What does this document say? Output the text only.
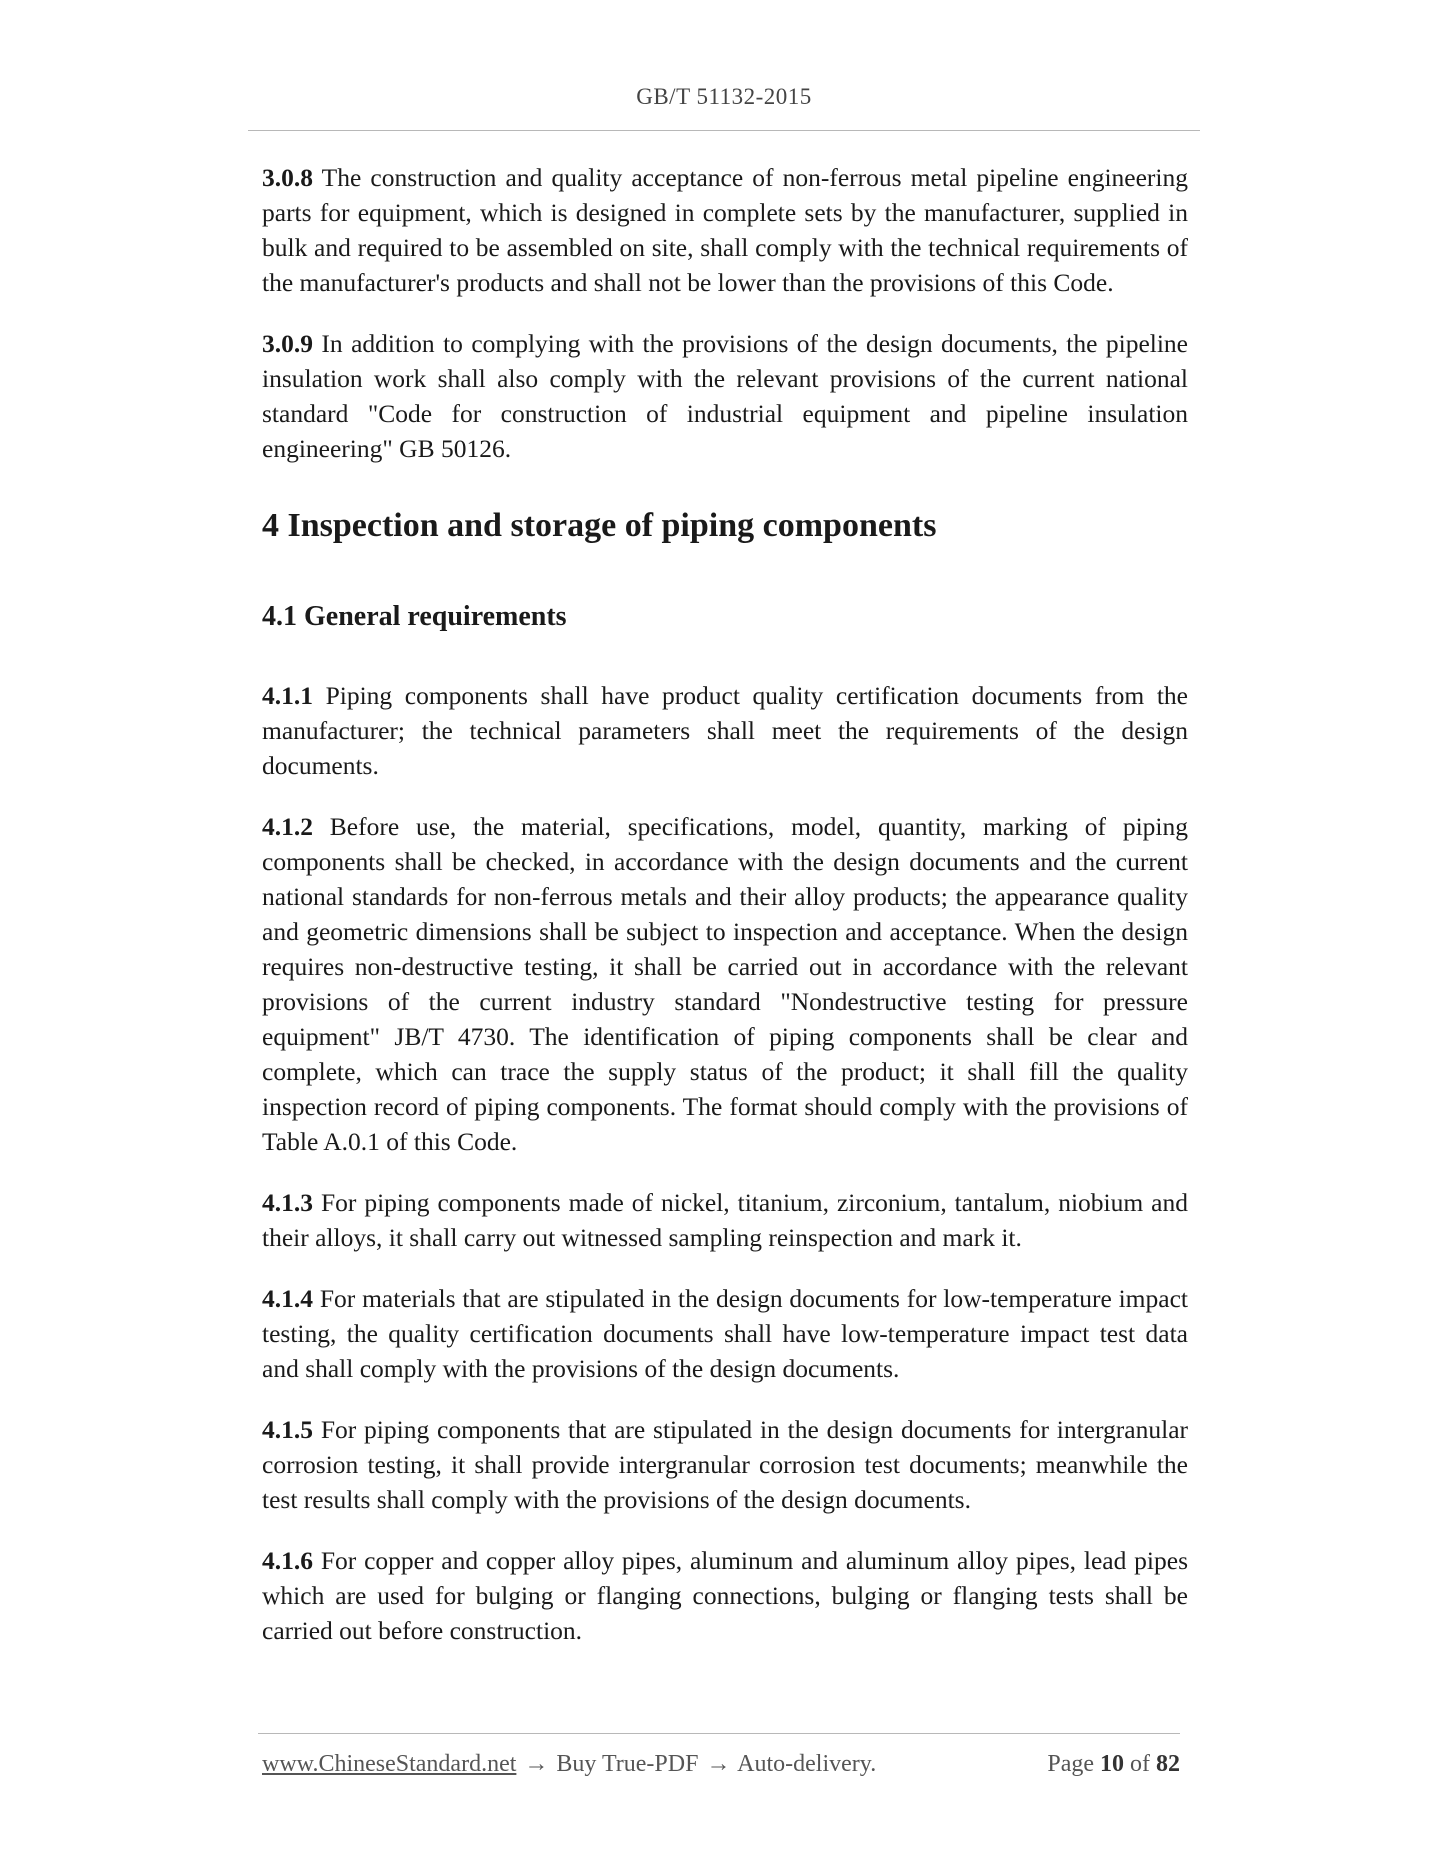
GB/T 51132-2015

3.0.8 The construction and quality acceptance of non-ferrous metal pipeline engineering parts for equipment, which is designed in complete sets by the manufacturer, supplied in bulk and required to be assembled on site, shall comply with the technical requirements of the manufacturer's products and shall not be lower than the provisions of this Code.

3.0.9 In addition to complying with the provisions of the design documents, the pipeline insulation work shall also comply with the relevant provisions of the current national standard "Code for construction of industrial equipment and pipeline insulation engineering" GB 50126.

4 Inspection and storage of piping components
4.1 General requirements

4.1.1 Piping components shall have product quality certification documents from the manufacturer; the technical parameters shall meet the requirements of the design documents.

4.1.2 Before use, the material, specifications, model, quantity, marking of piping components shall be checked, in accordance with the design documents and the current national standards for non-ferrous metals and their alloy products; the appearance quality and geometric dimensions shall be subject to inspection and acceptance. When the design requires non-destructive testing, it shall be carried out in accordance with the relevant provisions of the current industry standard "Nondestructive testing for pressure equipment" JB/T 4730. The identification of piping components shall be clear and complete, which can trace the supply status of the product; it shall fill the quality inspection record of piping components. The format should comply with the provisions of Table A.0.1 of this Code.

4.1.3 For piping components made of nickel, titanium, zirconium, tantalum, niobium and their alloys, it shall carry out witnessed sampling reinspection and mark it.

4.1.4 For materials that are stipulated in the design documents for low-temperature impact testing, the quality certification documents shall have low-temperature impact test data and shall comply with the provisions of the design documents.

4.1.5 For piping components that are stipulated in the design documents for intergranular corrosion testing, it shall provide intergranular corrosion test documents; meanwhile the test results shall comply with the provisions of the design documents.

4.1.6 For copper and copper alloy pipes, aluminum and aluminum alloy pipes, lead pipes which are used for bulging or flanging connections, bulging or flanging tests shall be carried out before construction.

www.ChineseStandard.net → Buy True-PDF → Auto-delivery.	Page 10 of 82
